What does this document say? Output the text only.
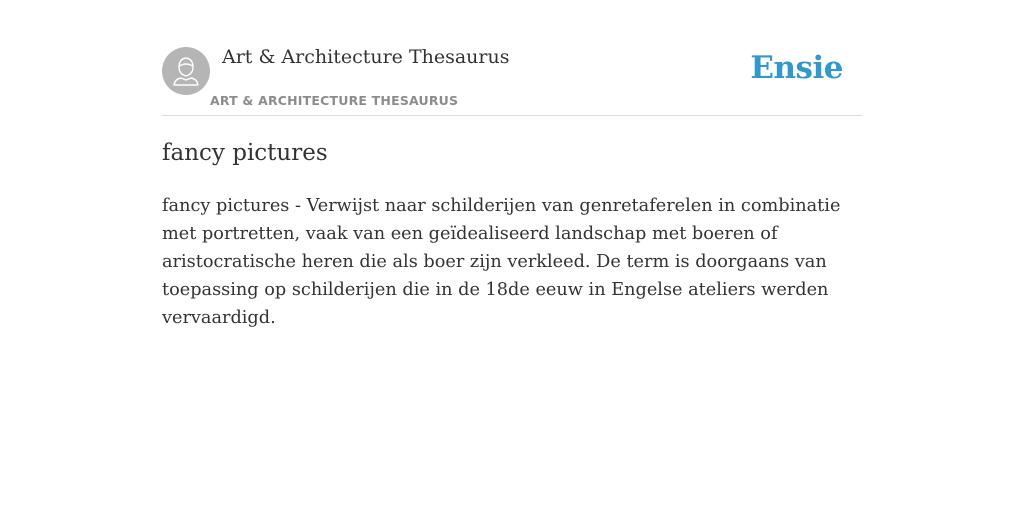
Art & Architecture Thesaurus
ART & ARCHITECTURE THESAURUS
Ensie
fancy pictures

fancy pictures - Verwijst naar schilderijen van genretaferelen in combinatie met portretten, vaak van een geïdealiseerd landschap met boeren of aristocratische heren die als boer zijn verkleed. De term is doorgaans van toepassing op schilderijen die in de 18de eeuw in Engelse ateliers werden vervaardigd.
